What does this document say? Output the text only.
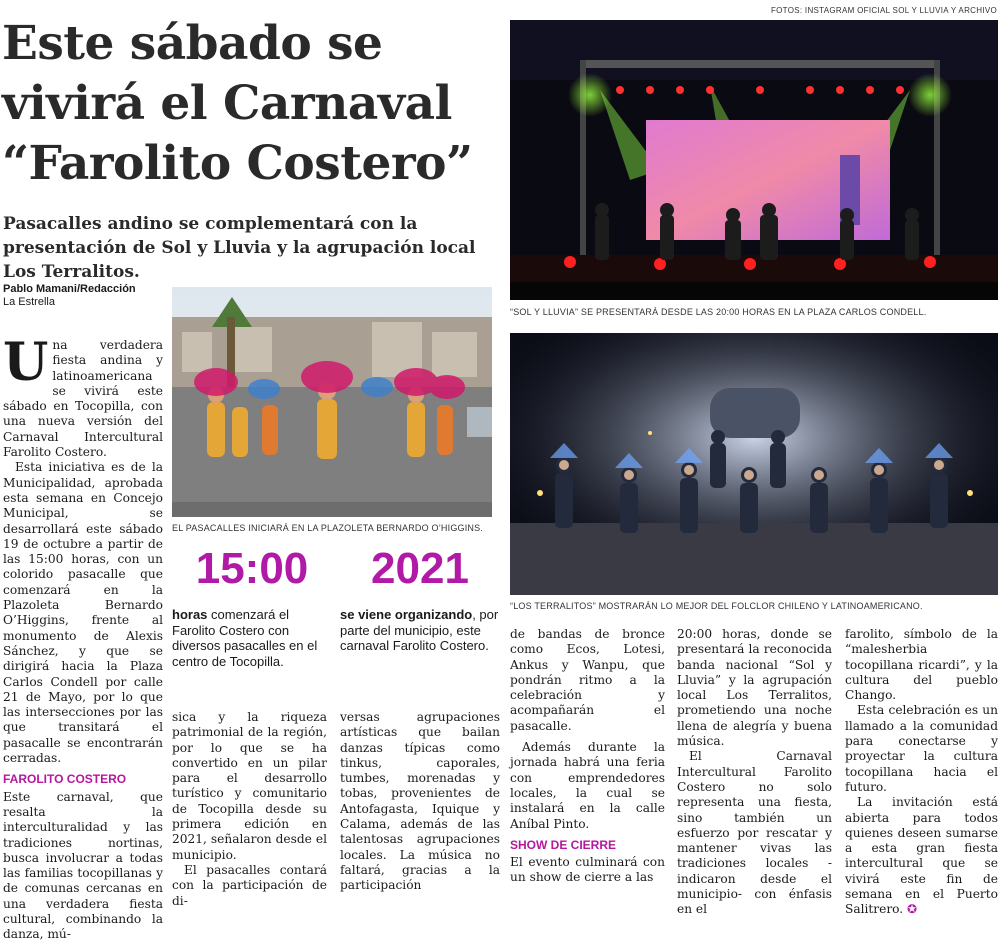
FOTOS: INSTAGRAM OFICIAL SOL Y LLUVIA Y ARCHIVO
Este sábado se vivirá el Carnaval “Farolito Costero”

Pasacalles andino se complementará con la presentación de Sol y Lluvia y la agrupación local Los Terralitos.

Pablo Mamani/Redacción
La Estrella
“SOL Y LLUVIA” SE PRESENTARÁ DESDE LAS 20:00 HORAS EN LA PLAZA CARLOS CONDELL.
“LOS TERRALITOS” MOSTRARÁN LO MEJOR DEL FOLCLOR CHILENO Y LATINOAMERICANO.
EL PASACALLES INICIARÁ EN LA PLAZOLETA BERNARDO O’HIGGINS.
15:00
horas comenzará el Farolito Costero con diversos pasacalles en el centro de Tocopilla.
2021
se viene organizando, por parte del municipio, este carnaval Farolito Costero.

Una verdadera fiesta andina y latinoamericana se vivirá este sábado en Tocopilla, con una nueva versión del Carnaval Intercultural Farolito Costero.

Esta iniciativa es de la Municipalidad, aprobada esta semana en Concejo Municipal, se desarrollará este sábado 19 de octubre a partir de las 15:00 horas, con un colorido pasacalle que comenzará en la Plazoleta Bernardo O’Higgins, frente al monumento de Alexis Sánchez, y que se dirigirá hacia la Plaza Carlos Condell por calle 21 de Mayo, por lo que las intersecciones por las que transitará el pasacalle se encontrarán cerradas.

FAROLITO COSTERO

Este carnaval, que resalta la interculturalidad y las tradiciones nortinas, busca involucrar a todas las familias tocopillanas y de comunas cercanas en una verdadera fiesta cultural, combinando la danza, mú-

sica y la riqueza patrimonial de la región, por lo que se ha convertido en un pilar para el desarrollo turístico y comunitario de Tocopilla desde su primera edición en 2021, señalaron desde el municipio.

El pasacalles contará con la participación de di-

versas agrupaciones artísticas que bailan danzas típicas como tinkus, caporales, tumbes, morenadas y tobas, provenientes de Antofagasta, Iquique y Calama, además de las talentosas agrupaciones locales. La música no faltará, gracias a la participación

de bandas de bronce como Ecos, Lotesi, Ankus y Wanpu, que pondrán ritmo a la celebración y acompañarán el pasacalle.

Además durante la jornada habrá una feria con emprendedores locales, la cual se instalará en la calle Aníbal Pinto.

SHOW DE CIERRE

El evento culminará con un show de cierre a las

20:00 horas, donde se presentará la reconocida banda nacional “Sol y Lluvia” y la agrupación local Los Terralitos, prometiendo una noche llena de alegría y buena música.

El Carnaval Intercultural Farolito Costero no solo representa una fiesta, sino también un esfuerzo por rescatar y mantener vivas las tradiciones locales -indicaron desde el municipio- con énfasis en el

farolito, símbolo de la “malesherbia tocopillana ricardi”, y la cultura del pueblo Chango.

Esta celebración es un llamado a la comunidad para conectarse y proyectar la cultura tocopillana hacia el futuro.

La invitación está abierta para todos quienes deseen sumarse a esta gran fiesta intercultural que se vivirá este fin de semana en el Puerto Salitrero. ✪
